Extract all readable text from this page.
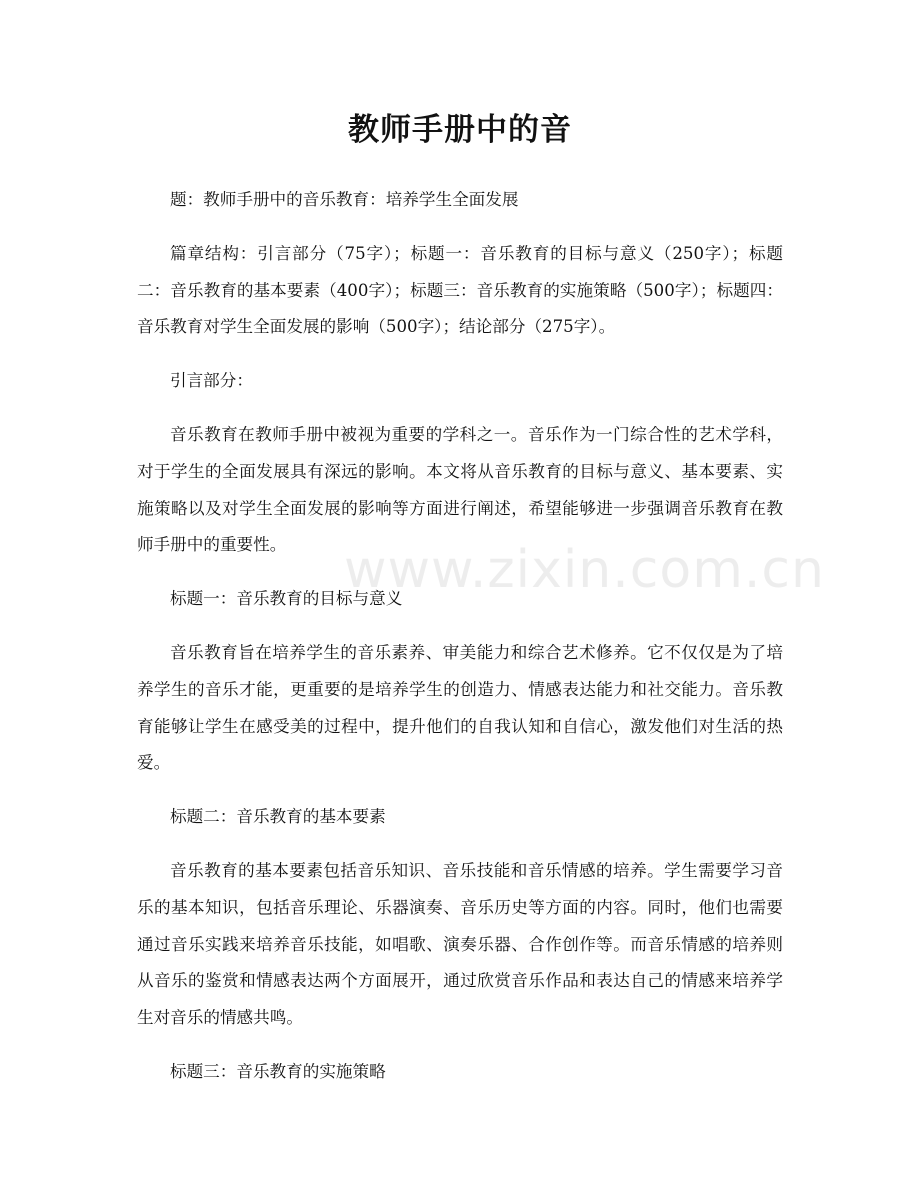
教师手册中的音
www.zixin.com.cn

题：教师手册中的音乐教育：培养学生全面发展

篇章结构：引言部分（75字）；标题一：音乐教育的目标与意义（250字）；标题二：音乐教育的基本要素（400字）；标题三：音乐教育的实施策略（500字）；标题四：音乐教育对学生全面发展的影响（500字）；结论部分（275字）。

引言部分：

音乐教育在教师手册中被视为重要的学科之一。音乐作为一门综合性的艺术学科，对于学生的全面发展具有深远的影响。本文将从音乐教育的目标与意义、基本要素、实施策略以及对学生全面发展的影响等方面进行阐述，希望能够进一步强调音乐教育在教师手册中的重要性。

标题一：音乐教育的目标与意义

音乐教育旨在培养学生的音乐素养、审美能力和综合艺术修养。它不仅仅是为了培养学生的音乐才能，更重要的是培养学生的创造力、情感表达能力和社交能力。音乐教育能够让学生在感受美的过程中，提升他们的自我认知和自信心，激发他们对生活的热爱。

标题二：音乐教育的基本要素

音乐教育的基本要素包括音乐知识、音乐技能和音乐情感的培养。学生需要学习音乐的基本知识，包括音乐理论、乐器演奏、音乐历史等方面的内容。同时，他们也需要通过音乐实践来培养音乐技能，如唱歌、演奏乐器、合作创作等。而音乐情感的培养则从音乐的鉴赏和情感表达两个方面展开，通过欣赏音乐作品和表达自己的情感来培养学生对音乐的情感共鸣。

标题三：音乐教育的实施策略
